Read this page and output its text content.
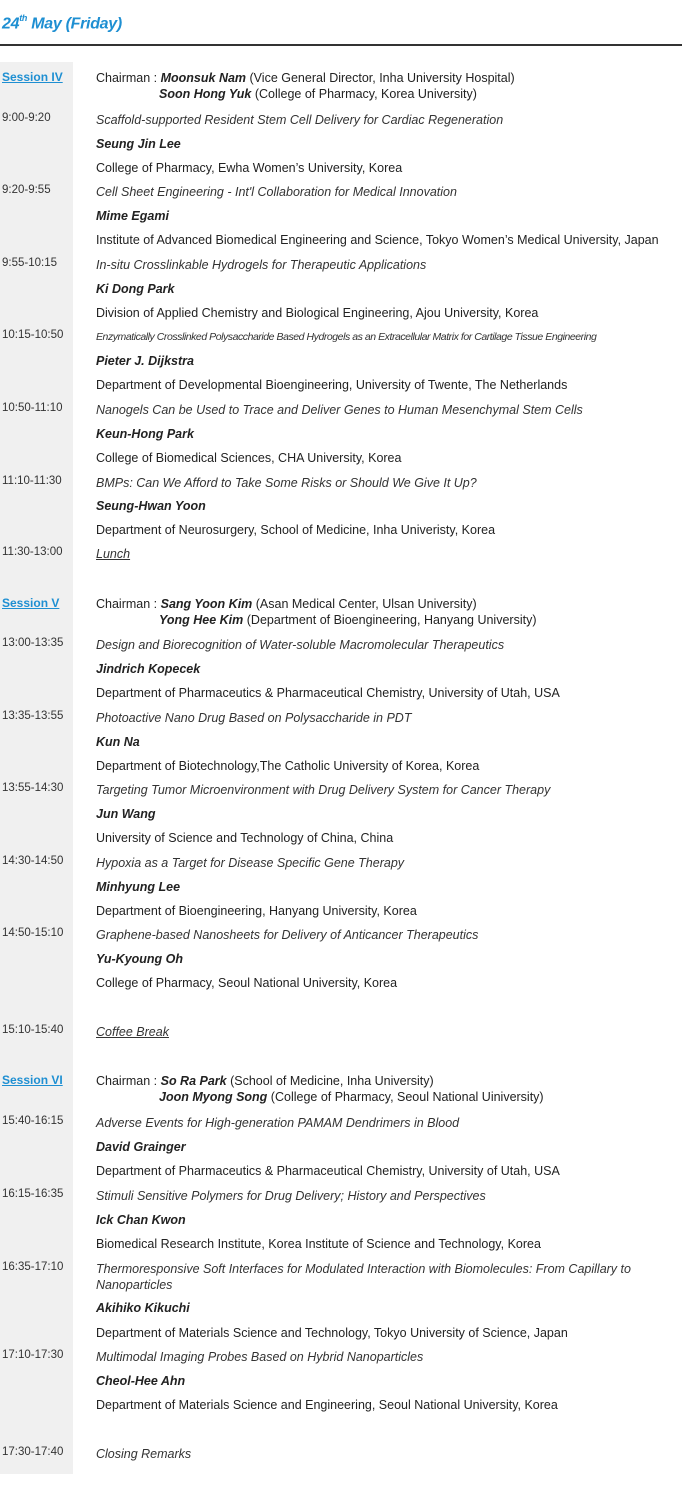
24th May (Friday)
Session IV	Chairman : Moonsuk Nam (Vice General Director, Inha University Hospital)
Soon Hong Yuk (College of Pharmacy, Korea University)
9:00-9:20	Scaffold-supported Resident Stem Cell Delivery for Cardiac Regeneration
Seung Jin Lee
College of Pharmacy, Ewha Women’s University, Korea
9:20-9:55	Cell Sheet Engineering - Int'l Collaboration for Medical Innovation
Mime Egami
Institute of Advanced Biomedical Engineering and Science, Tokyo Women’s Medical University, Japan
9:55-10:15	In-situ Crosslinkable Hydrogels for Therapeutic Applications
Ki Dong Park
Division of Applied Chemistry and Biological Engineering, Ajou University, Korea
10:15-10:50	Enzymatically Crosslinked Polysaccharide Based Hydrogels as an Extracellular Matrix for Cartilage Tissue Engineering
Pieter J. Dijkstra
Department of Developmental Bioengineering, University of Twente, The Netherlands
10:50-11:10	Nanogels Can be Used to Trace and Deliver Genes to Human Mesenchymal Stem Cells
Keun-Hong Park
College of Biomedical Sciences, CHA University, Korea
11:10-11:30	BMPs: Can We Afford to Take Some Risks or Should We Give It Up?
Seung-Hwan Yoon
Department of Neurosurgery, School of Medicine, Inha Univeristy, Korea
11:30-13:00	Lunch
Session V	Chairman : Sang Yoon Kim (Asan Medical Center, Ulsan University)
Yong Hee Kim (Department of Bioengineering, Hanyang University)
13:00-13:35	Design and Biorecognition of Water-soluble Macromolecular Therapeutics
Jindrich Kopecek
Department of Pharmaceutics & Pharmaceutical Chemistry, University of Utah, USA
13:35-13:55	Photoactive Nano Drug Based on Polysaccharide in PDT
Kun Na
Department of Biotechnology,The Catholic University of Korea, Korea
13:55-14:30	Targeting Tumor Microenvironment with Drug Delivery System for Cancer Therapy
Jun Wang
University of Science and Technology of China, China
14:30-14:50	Hypoxia as a Target for Disease Specific Gene Therapy
Minhyung Lee
Department of Bioengineering, Hanyang University, Korea
14:50-15:10	Graphene-based Nanosheets for Delivery of Anticancer Therapeutics
Yu-Kyoung Oh
College of Pharmacy, Seoul National University, Korea
15:10-15:40	Coffee Break
Session VI	Chairman : So Ra Park (School of Medicine, Inha University)
Joon Myong Song (College of Pharmacy, Seoul National Uiniversity)
15:40-16:15	Adverse Events for High-generation PAMAM Dendrimers in Blood
David Grainger
Department of Pharmaceutics & Pharmaceutical Chemistry, University of Utah, USA
16:15-16:35	Stimuli Sensitive Polymers for Drug Delivery; History and Perspectives
Ick Chan Kwon
Biomedical Research Institute, Korea Institute of Science and Technology, Korea
16:35-17:10	Thermoresponsive Soft Interfaces for Modulated Interaction with Biomolecules: From Capillary to Nanoparticles
Akihiko Kikuchi
Department of Materials Science and Technology, Tokyo University of Science, Japan
17:10-17:30	Multimodal Imaging Probes Based on Hybrid Nanoparticles
Cheol-Hee Ahn
Department of Materials Science and Engineering, Seoul National University, Korea
17:30-17:40	Closing Remarks
